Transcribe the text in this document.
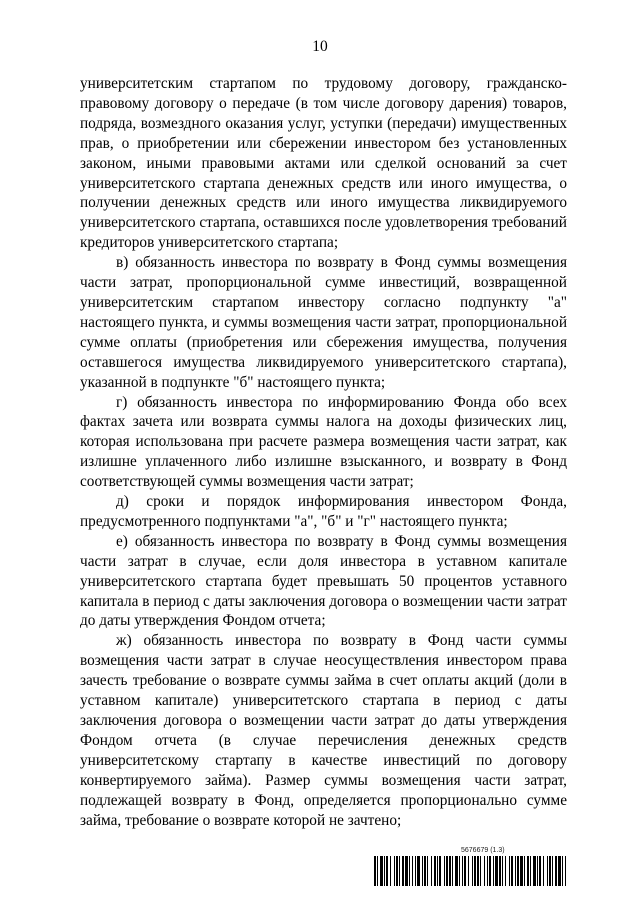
10

университетским стартапом по трудовому договору, гражданско-правовому договору о передаче (в том числе договору дарения) товаров, подряда, возмездного оказания услуг, уступки (передачи) имущественных прав, о приобретении или сбережении инвестором без установленных законом, иными правовыми актами или сделкой оснований за счет университетского стартапа денежных средств или иного имущества, о получении денежных средств или иного имущества ликвидируемого университетского стартапа, оставшихся после удовлетворения требований кредиторов университетского стартапа;

в) обязанность инвестора по возврату в Фонд суммы возмещения части затрат, пропорциональной сумме инвестиций, возвращенной университетским стартапом инвестору согласно подпункту "а" настоящего пункта, и суммы возмещения части затрат, пропорциональной сумме оплаты (приобретения или сбережения имущества, получения оставшегося имущества ликвидируемого университетского стартапа), указанной в подпункте "б" настоящего пункта;

г) обязанность инвестора по информированию Фонда обо всех фактах зачета или возврата суммы налога на доходы физических лиц, которая использована при расчете размера возмещения части затрат, как излишне уплаченного либо излишне взысканного, и возврату в Фонд соответствующей суммы возмещения части затрат;

д) сроки и порядок информирования инвестором Фонда, предусмотренного подпунктами "а", "б" и "г" настоящего пункта;

е) обязанность инвестора по возврату в Фонд суммы возмещения части затрат в случае, если доля инвестора в уставном капитале университетского стартапа будет превышать 50 процентов уставного капитала в период с даты заключения договора о возмещении части затрат до даты утверждения Фондом отчета;

ж) обязанность инвестора по возврату в Фонд части суммы возмещения части затрат в случае неосуществления инвестором права зачесть требование о возврате суммы займа в счет оплаты акций (доли в уставном капитале) университетского стартапа в период с даты заключения договора о возмещении части затрат до даты утверждения Фондом отчета (в случае перечисления денежных средств университетскому стартапу в качестве инвестиций по договору конвертируемого займа). Размер суммы возмещения части затрат, подлежащей возврату в Фонд, определяется пропорционально сумме займа, требование о возврате которой не зачтено;

5676679 (1.3)
